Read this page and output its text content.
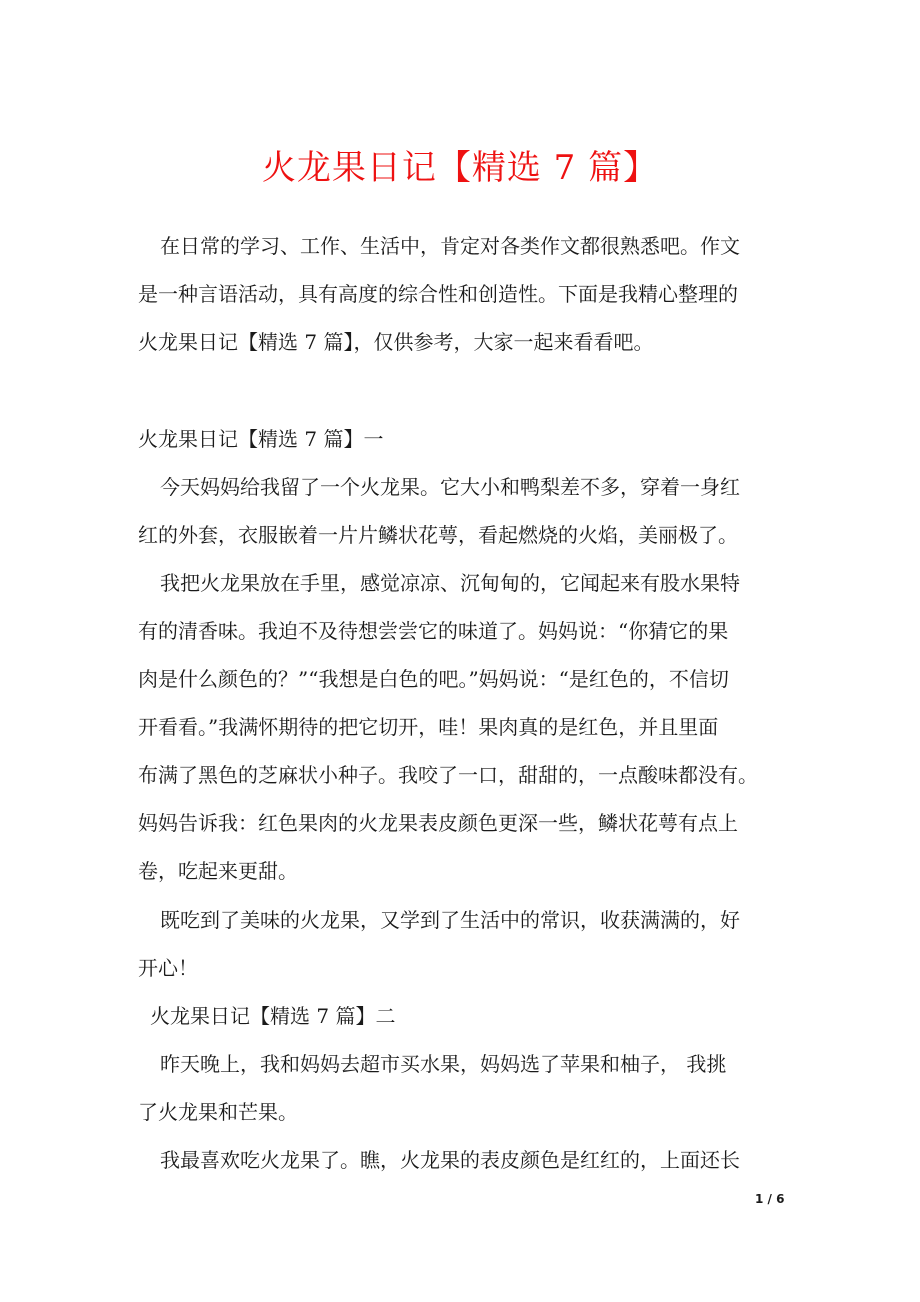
火龙果日记【精选 7 篇】
在日常的学习、工作、生活中，肯定对各类作文都很熟悉吧。作文
是一种言语活动，具有高度的综合性和创造性。下面是我精心整理的
火龙果日记【精选 7 篇】，仅供参考，大家一起来看看吧。
火龙果日记【精选 7 篇】一
今天妈妈给我留了一个火龙果。它大小和鸭梨差不多，穿着一身红
红的外套，衣服嵌着一片片鳞状花萼，看起燃烧的火焰，美丽极了。
我把火龙果放在手里，感觉凉凉、沉甸甸的，它闻起来有股水果特
有的清香味。我迫不及待想尝尝它的味道了。妈妈说：“你猜它的果
肉是什么颜色的？”“我想是白色的吧。”妈妈说：“是红色的，不信切
开看看。”我满怀期待的把它切开，哇！果肉真的是红色，并且里面
布满了黑色的芝麻状小种子。我咬了一口，甜甜的，一点酸味都没有。
妈妈告诉我：红色果肉的火龙果表皮颜色更深一些，鳞状花萼有点上
卷，吃起来更甜。
既吃到了美味的火龙果，又学到了生活中的常识，收获满满的，好
开心！
火龙果日记【精选 7 篇】二
昨天晚上，我和妈妈去超市买水果，妈妈选了苹果和柚子， 我挑
了火龙果和芒果。
我最喜欢吃火龙果了。瞧，火龙果的表皮颜色是红红的，上面还长
1 / 6
